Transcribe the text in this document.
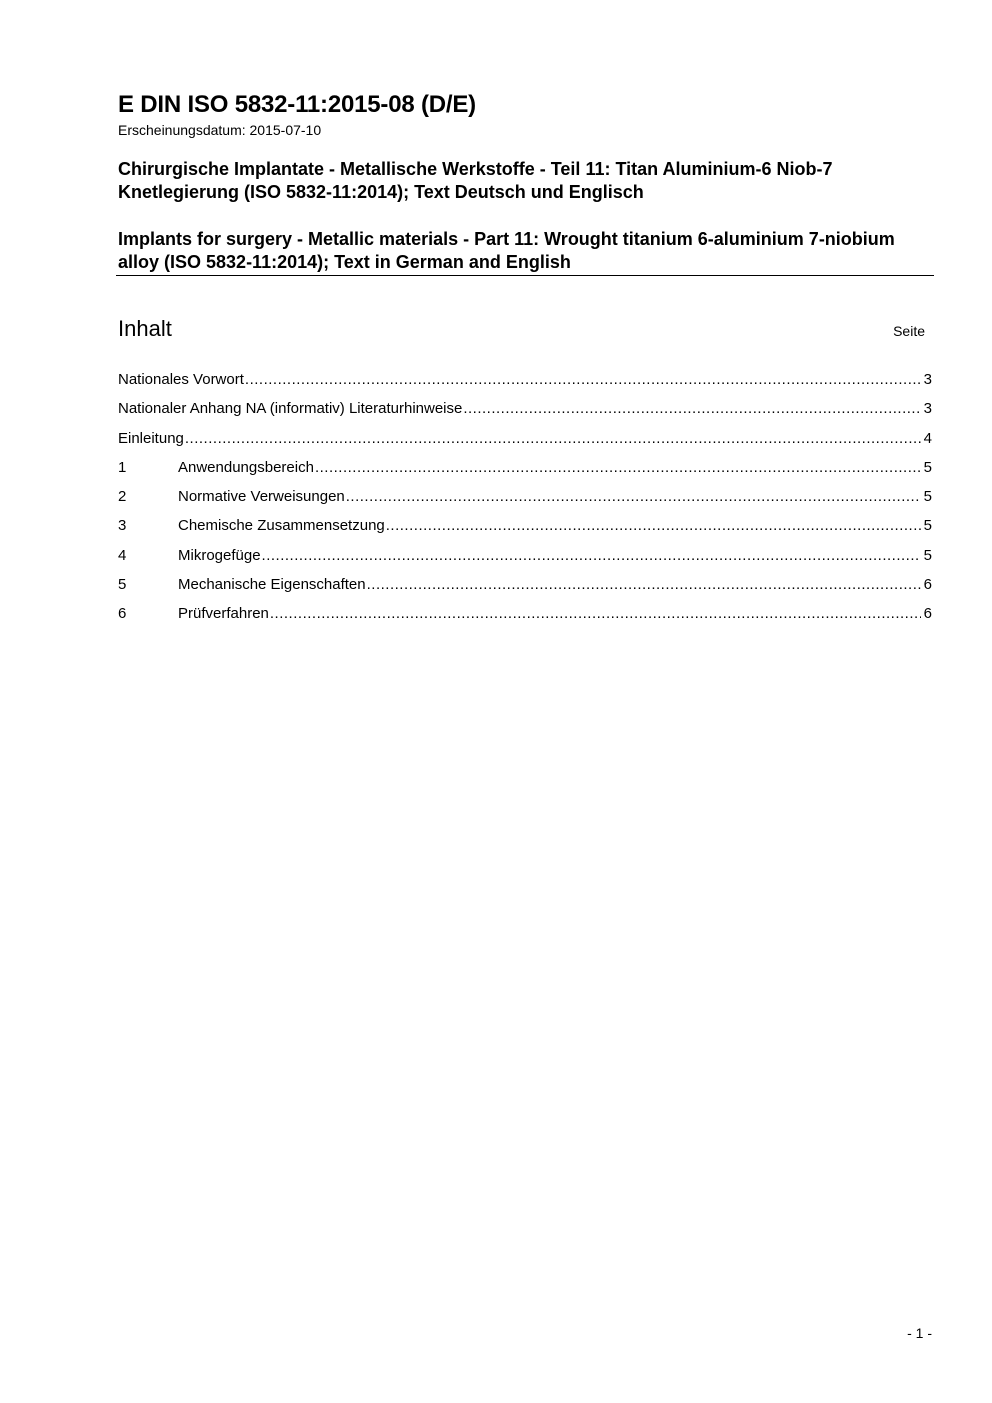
E DIN ISO 5832-11:2015-08 (D/E)
Erscheinungsdatum: 2015-07-10
Chirurgische Implantate - Metallische Werkstoffe - Teil 11: Titan Aluminium-6 Niob-7 Knetlegierung (ISO 5832-11:2014); Text Deutsch und Englisch
Implants for surgery - Metallic materials - Part 11: Wrought titanium 6-aluminium 7-niobium alloy (ISO 5832-11:2014); Text in German and English
Inhalt	Seite
Nationales Vorwort .....	3
Nationaler Anhang NA (informativ) Literaturhinweise .....	3
Einleitung .....	4
1	Anwendungsbereich .....	5
2	Normative Verweisungen .....	5
3	Chemische Zusammensetzung .....	5
4	Mikrogefüge .....	5
5	Mechanische Eigenschaften .....	6
6	Prüfverfahren .....	6
- 1 -
